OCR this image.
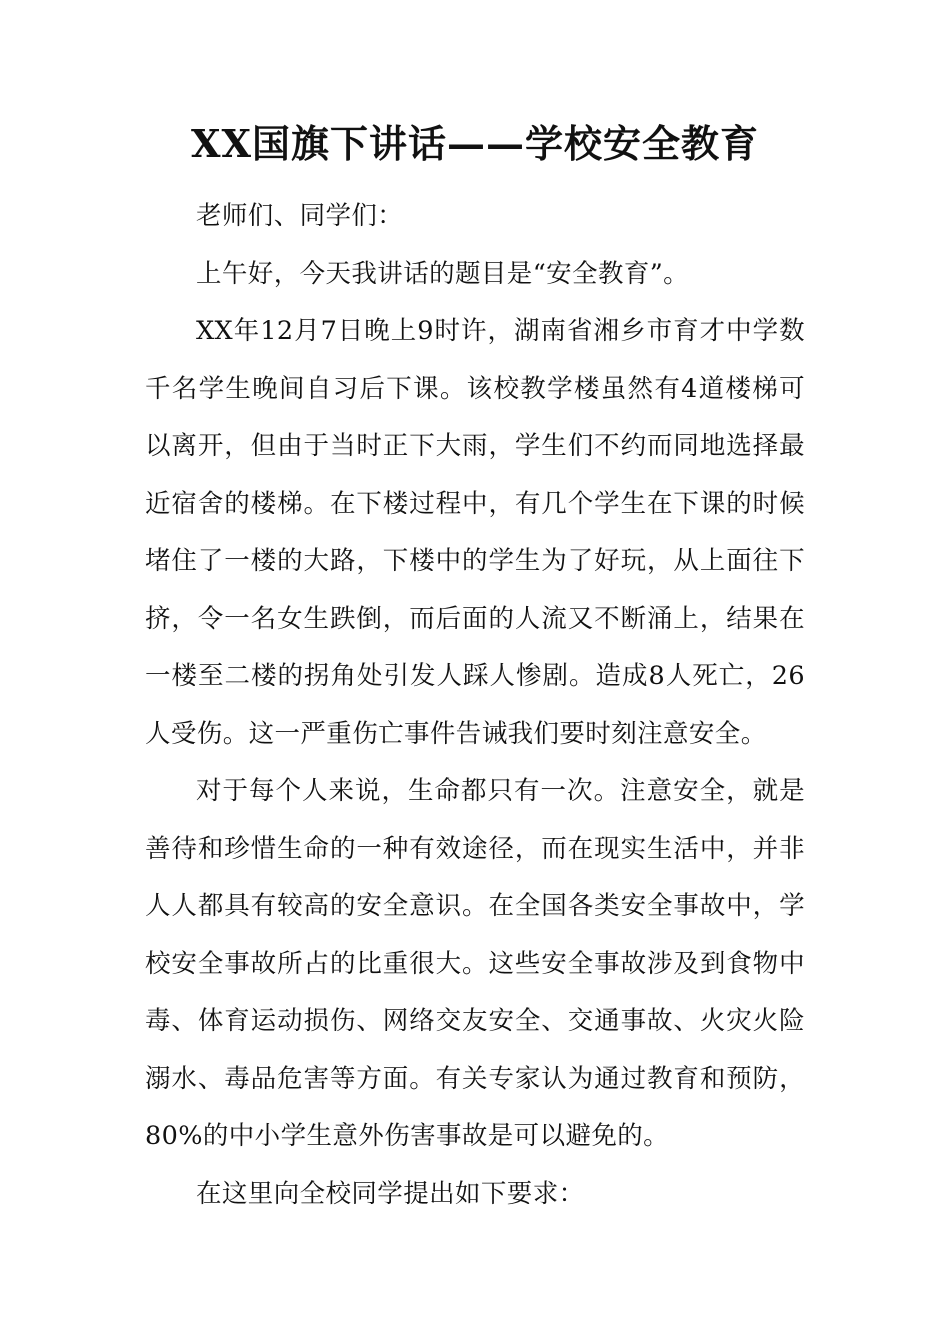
XX国旗下讲话——学校安全教育

老师们、同学们：

上午好，今天我讲话的题目是“安全教育”。

XX年12月7日晚上9时许，湖南省湘乡市育才中学数千名学生晚间自习后下课。该校教学楼虽然有4道楼梯可以离开，但由于当时正下大雨，学生们不约而同地选择最近宿舍的楼梯。在下楼过程中，有几个学生在下课的时候堵住了一楼的大路，下楼中的学生为了好玩，从上面往下挤，令一名女生跌倒，而后面的人流又不断涌上，结果在一楼至二楼的拐角处引发人踩人惨剧。造成8人死亡，26人受伤。这一严重伤亡事件告诫我们要时刻注意安全。

对于每个人来说，生命都只有一次。注意安全，就是善待和珍惜生命的一种有效途径，而在现实生活中，并非人人都具有较高的安全意识。在全国各类安全事故中，学校安全事故所占的比重很大。这些安全事故涉及到食物中毒、体育运动损伤、网络交友安全、交通事故、火灾火险溺水、毒品危害等方面。有关专家认为通过教育和预防，80%的中小学生意外伤害事故是可以避免的。

在这里向全校同学提出如下要求：
